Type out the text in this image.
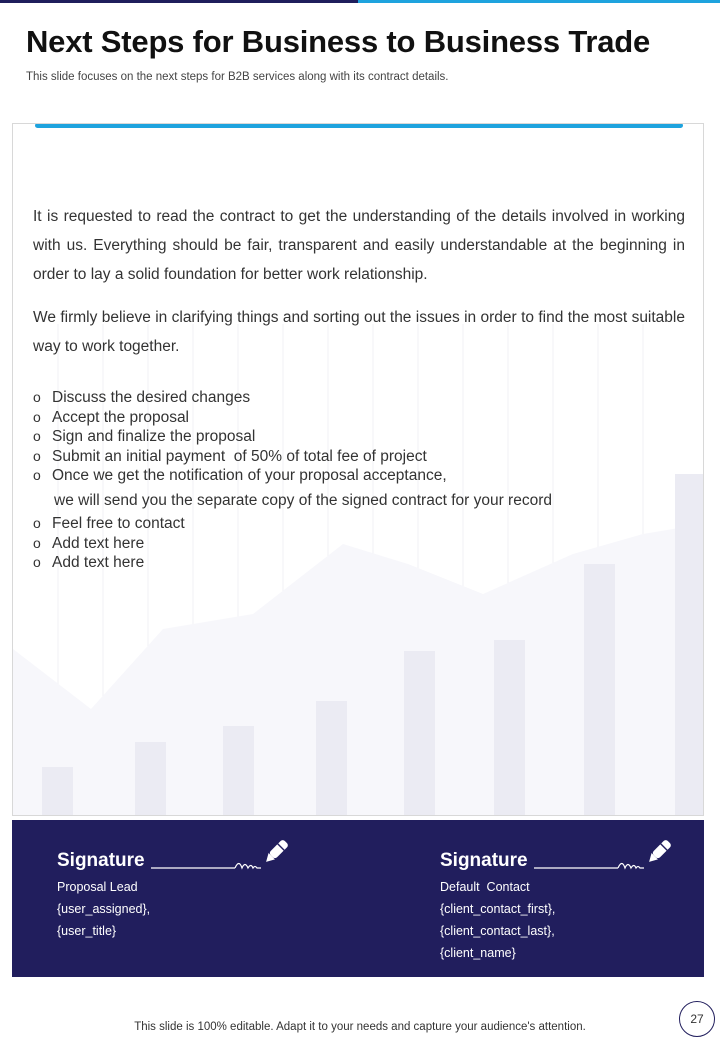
Next Steps for Business to Business Trade
This slide focuses on the next steps for B2B services along with its contract details.

It is requested to read the contract to get the understanding of the details involved in working with us. Everything should be fair, transparent and easily understandable at the beginning in order to lay a solid foundation for better work relationship.

We firmly believe in clarifying things and sorting out the issues in order to find the most suitable way to work together.

o Discuss the desired changes
o Accept the proposal
o Sign and finalize the proposal
o Submit an initial payment  of 50% of total fee of project
o Once we get the notification of your proposal acceptance,
we will send you the separate copy of the signed contract for your record
o Feel free to contact
o Add text here
o Add text here
Signature
Proposal Lead
{user_assigned},
{user_title}
Signature
Default  Contact
{client_contact_first},
{client_contact_last},
{client_name}
This slide is 100% editable. Adapt it to your needs and capture your audience's attention.
27
